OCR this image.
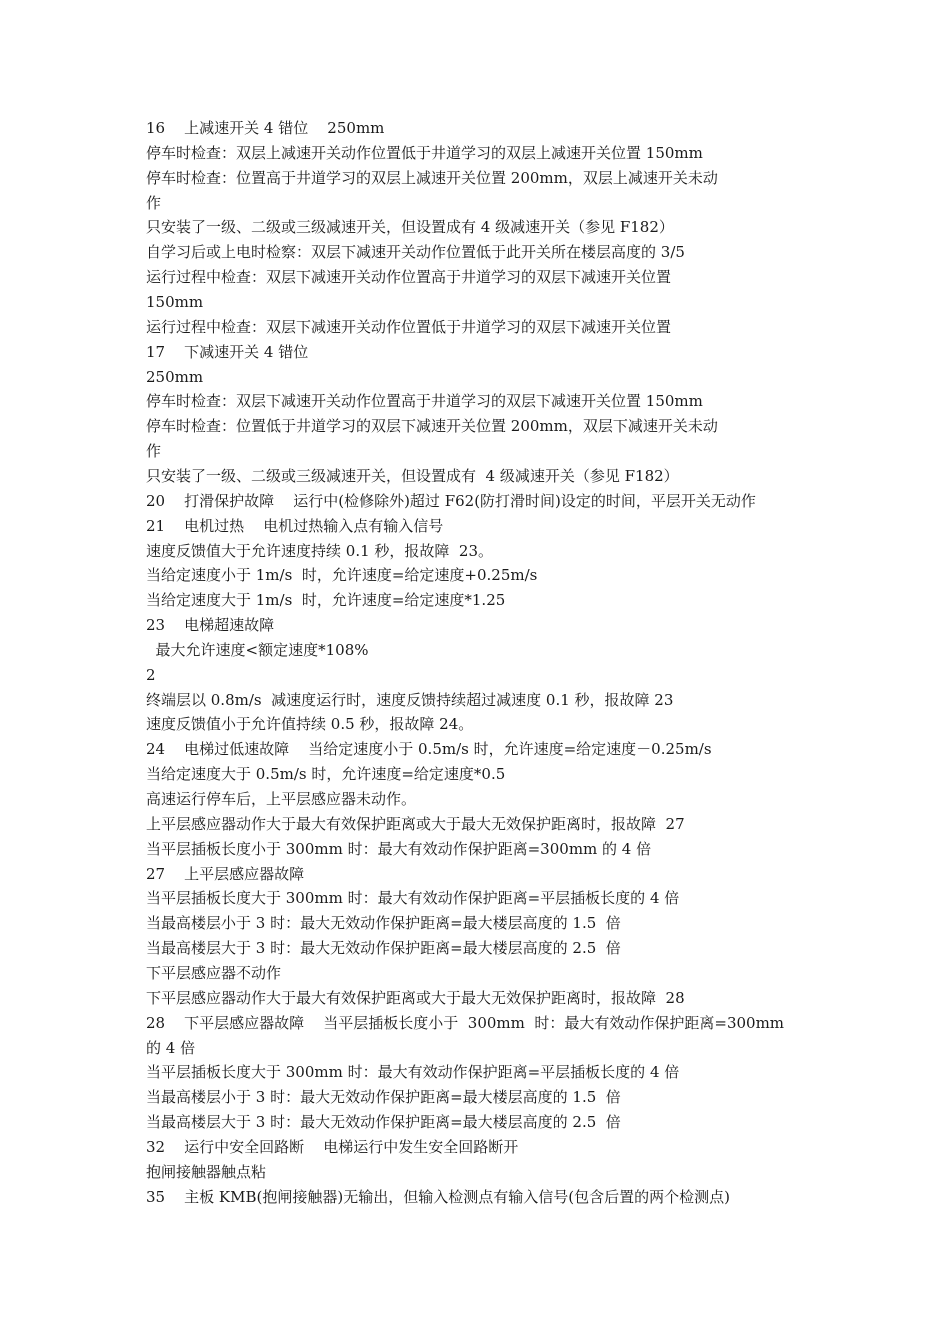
16    上减速开关 4 错位    250mm
停车时检查：双层上减速开关动作位置低于井道学习的双层上减速开关位置 150mm
停车时检查：位置高于井道学习的双层上减速开关位置 200mm，双层上减速开关未动
作
只安装了一级、二级或三级减速开关，但设置成有 4 级减速开关（参见 F182）
自学习后或上电时检察：双层下减速开关动作位置低于此开关所在楼层高度的 3/5
运行过程中检查：双层下减速开关动作位置高于井道学习的双层下减速开关位置
150mm
运行过程中检查：双层下减速开关动作位置低于井道学习的双层下减速开关位置
17    下减速开关 4 错位
250mm
停车时检查：双层下减速开关动作位置高于井道学习的双层下减速开关位置 150mm
停车时检查：位置低于井道学习的双层下减速开关位置 200mm，双层下减速开关未动
作
只安装了一级、二级或三级减速开关，但设置成有  4 级减速开关（参见 F182）
20    打滑保护故障    运行中(检修除外)超过 F62(防打滑时间)设定的时间，平层开关无动作
21    电机过热    电机过热输入点有输入信号
速度反馈值大于允许速度持续 0.1 秒，报故障  23。
当给定速度小于 1m/s  时，允许速度=给定速度+0.25m/s
当给定速度大于 1m/s  时，允许速度=给定速度*1.25
23    电梯超速故障
最大允许速度<额定速度*108%
2
终端层以 0.8m/s  减速度运行时，速度反馈持续超过减速度 0.1 秒，报故障 23
速度反馈值小于允许值持续 0.5 秒，报故障 24。
24    电梯过低速故障    当给定速度小于 0.5m/s 时，允许速度=给定速度－0.25m/s
当给定速度大于 0.5m/s 时，允许速度=给定速度*0.5
高速运行停车后，上平层感应器未动作。
上平层感应器动作大于最大有效保护距离或大于最大无效保护距离时，报故障  27
当平层插板长度小于 300mm 时：最大有效动作保护距离=300mm 的 4 倍
27    上平层感应器故障
当平层插板长度大于 300mm 时：最大有效动作保护距离=平层插板长度的 4 倍
当最高楼层小于 3 时：最大无效动作保护距离=最大楼层高度的 1.5  倍
当最高楼层大于 3 时：最大无效动作保护距离=最大楼层高度的 2.5  倍
下平层感应器不动作
下平层感应器动作大于最大有效保护距离或大于最大无效保护距离时，报故障  28
28    下平层感应器故障    当平层插板长度小于  300mm  时：最大有效动作保护距离=300mm
的 4 倍
当平层插板长度大于 300mm 时：最大有效动作保护距离=平层插板长度的 4 倍
当最高楼层小于 3 时：最大无效动作保护距离=最大楼层高度的 1.5  倍
当最高楼层大于 3 时：最大无效动作保护距离=最大楼层高度的 2.5  倍
32    运行中安全回路断    电梯运行中发生安全回路断开
抱闸接触器触点粘
35    主板 KMB(抱闸接触器)无输出，但输入检测点有输入信号(包含后置的两个检测点)
